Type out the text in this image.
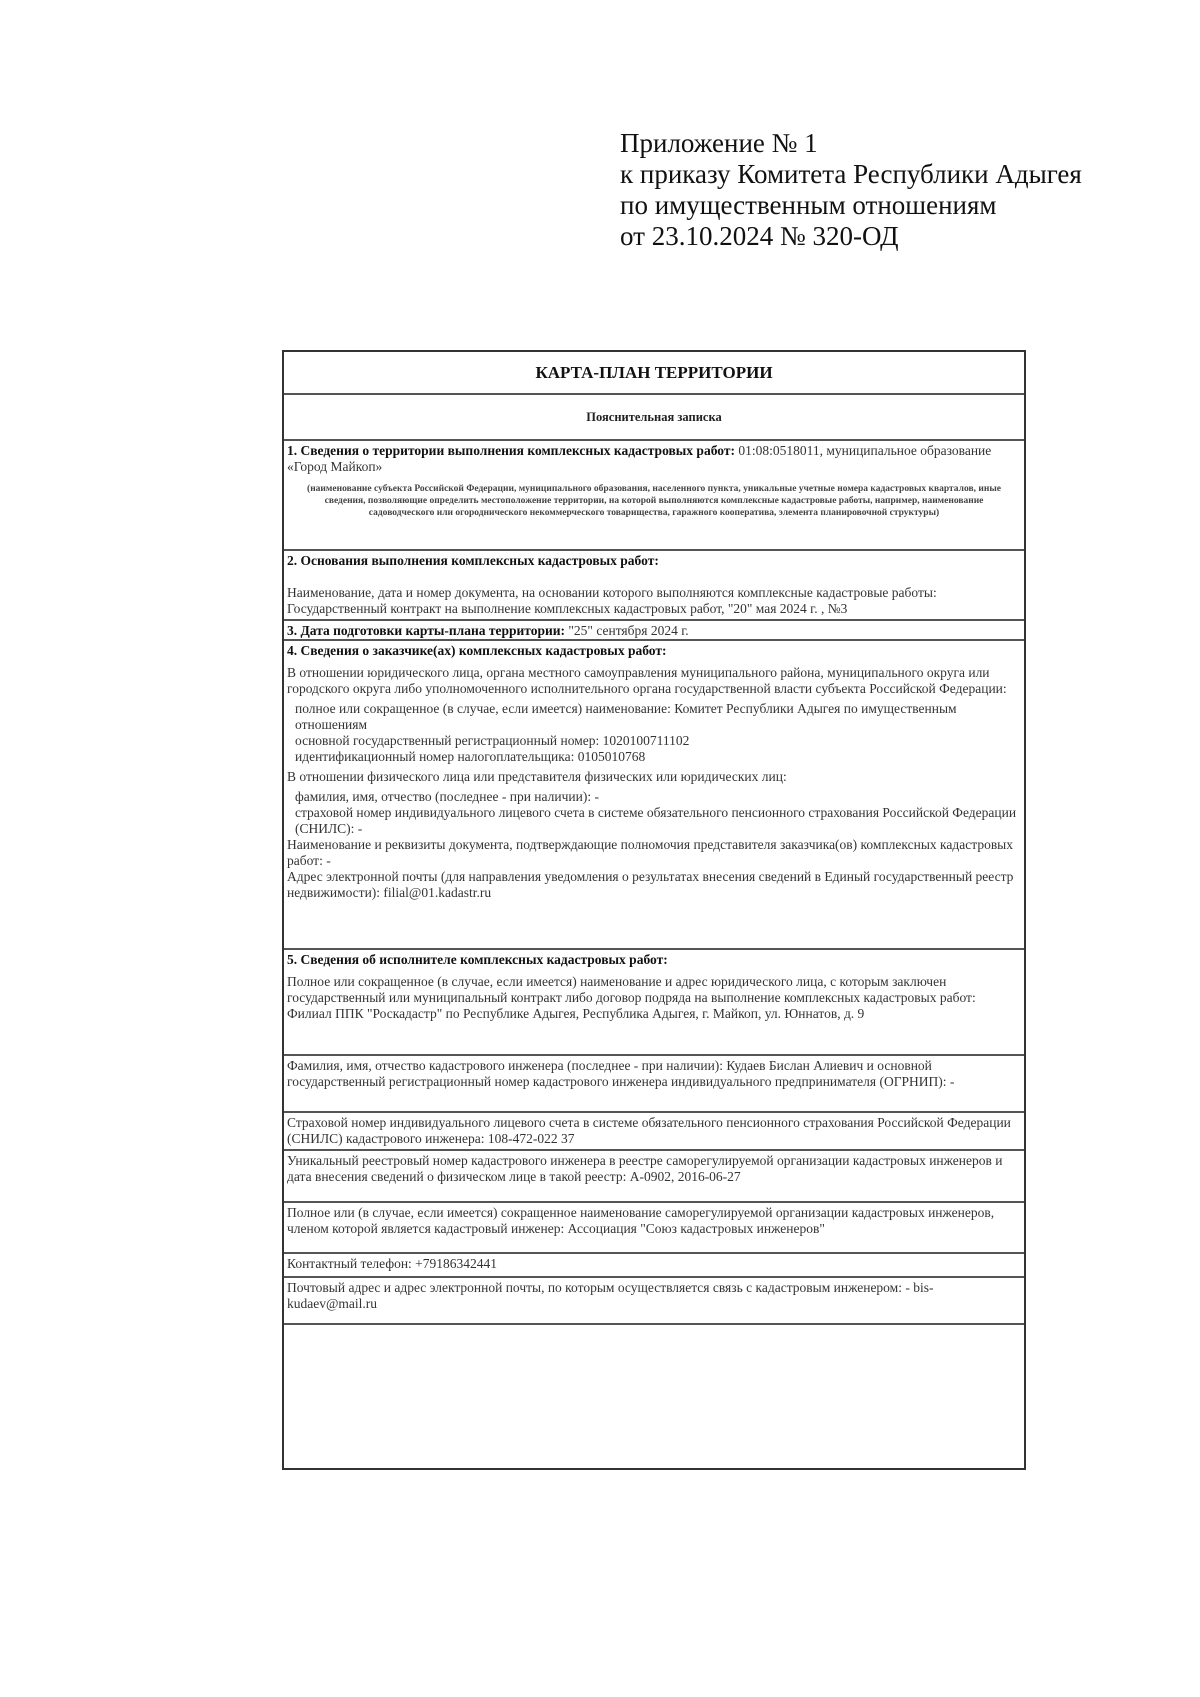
Приложение № 1
к приказу Комитета Республики Адыгея
по имущественным отношениям
от 23.10.2024 № 320-ОД
КАРТА-ПЛАН ТЕРРИТОРИИ
Пояснительная записка

1. Сведения о территории выполнения комплексных кадастровых работ: 01:08:0518011, муниципальное образование «Город Майкоп»

(наименование субъекта Российской Федерации, муниципального образования, населенного пункта, уникальные учетные номера кадастровых кварталов, иные сведения, позволяющие определить местоположение территории, на которой выполняются комплексные кадастровые работы, например, наименование садоводческого или огороднического некоммерческого товарищества, гаражного кооператива, элемента планировочной структуры)

2. Основания выполнения комплексных кадастровых работ:

Наименование, дата и номер документа, на основании которого выполняются комплексные кадастровые работы: Государственный контракт на выполнение комплексных кадастровых работ, "20" мая 2024 г. , №3

3. Дата подготовки карты-плана территории: "25" сентября 2024 г.

4. Сведения о заказчике(ах) комплексных кадастровых работ:

В отношении юридического лица, органа местного самоуправления муниципального района, муниципального округа или городского округа либо уполномоченного исполнительного органа государственной власти субъекта Российской Федерации:

полное или сокращенное (в случае, если имеется) наименование: Комитет Республики Адыгея по имущественным отношениям

основной государственный регистрационный номер: 1020100711102

идентификационный номер налогоплательщика: 0105010768

В отношении физического лица или представителя физических или юридических лиц:

фамилия, имя, отчество (последнее - при наличии): -

страховой номер индивидуального лицевого счета в системе обязательного пенсионного страхования Российской Федерации (СНИЛС): -

Наименование и реквизиты документа, подтверждающие полномочия представителя заказчика(ов) комплексных кадастровых работ: -

Адрес электронной почты (для направления уведомления о результатах внесения сведений в Единый государственный реестр недвижимости): filial@01.kadastr.ru

5. Сведения об исполнителе комплексных кадастровых работ:

Полное или сокращенное (в случае, если имеется) наименование и адрес юридического лица, с которым заключен государственный или муниципальный контракт либо договор подряда на выполнение комплексных кадастровых работ: Филиал ППК "Роскадастр" по Республике Адыгея, Республика Адыгея, г. Майкоп, ул. Юннатов, д. 9

Фамилия, имя, отчество кадастрового инженера (последнее - при наличии): Кудаев Бислан Алиевич и основной государственный регистрационный номер кадастрового инженера индивидуального предпринимателя (ОГРНИП): -

Страховой номер индивидуального лицевого счета в системе обязательного пенсионного страхования Российской Федерации (СНИЛС) кадастрового инженера: 108-472-022 37

Уникальный реестровый номер кадастрового инженера в реестре саморегулируемой организации кадастровых инженеров и дата внесения сведений о физическом лице в такой реестр: А-0902, 2016-06-27

Полное или (в случае, если имеется) сокращенное наименование саморегулируемой организации кадастровых инженеров, членом которой является кадастровый инженер: Ассоциация "Союз кадастровых инженеров"

Контактный телефон: +79186342441

Почтовый адрес и адрес электронной почты, по которым осуществляется связь с кадастровым инженером: - bis-kudaev@mail.ru
